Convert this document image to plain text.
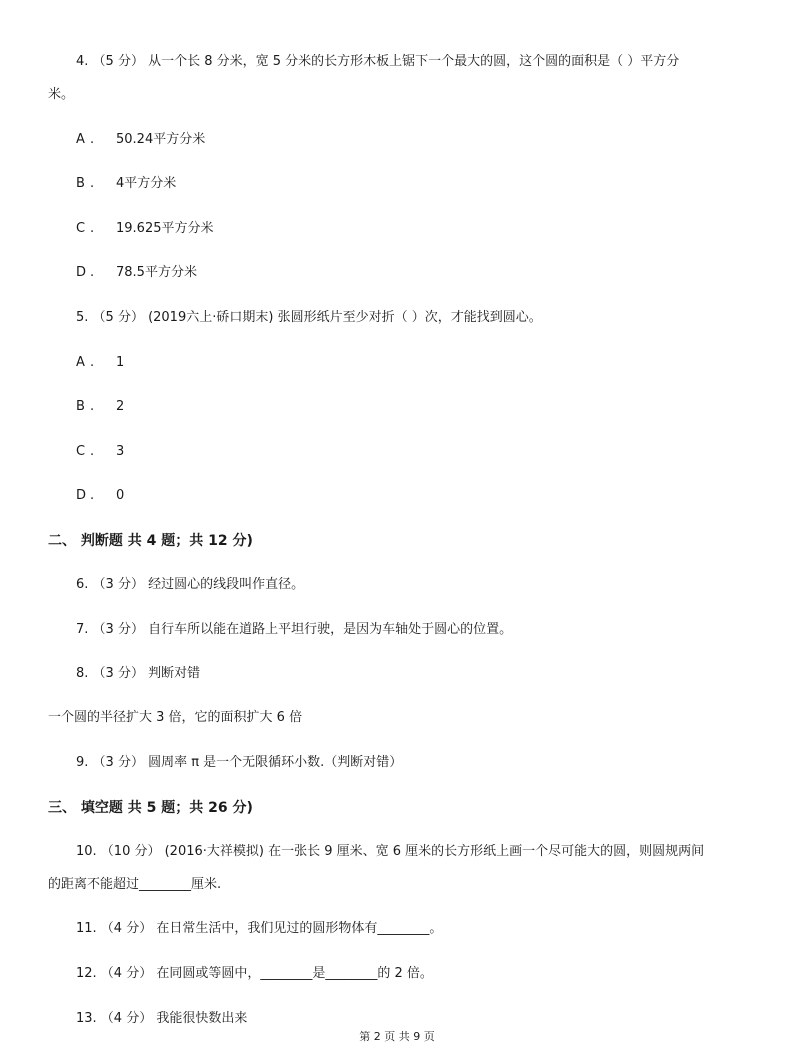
4. （5 分） 从一个长 8 分米，宽 5 分米的长方形木板上锯下一个最大的圆，这个圆的面积是（ ）平方分
米。
A . 50.24平方分米
B . 4平方分米
C . 19.625平方分米
D . 78.5平方分米
5. （5 分） (2019六上·硚口期末) 张圆形纸片至少对折（ ）次，才能找到圆心。
A . 1
B . 2
C . 3
D . 0
二、 判断题 共 4 题；共 12 分)
6. （3 分） 经过圆心的线段叫作直径。
7. （3 分） 自行车所以能在道路上平坦行驶，是因为车轴处于圆心的位置。
8. （3 分） 判断对错
一个圆的半径扩大 3 倍，它的面积扩大 6 倍
9. （3 分） 圆周率 π 是一个无限循环小数.（判断对错）
三、 填空题 共 5 题；共 26 分)
10. （10 分） (2016·大祥模拟) 在一张长 9 厘米、宽 6 厘米的长方形纸上画一个尽可能大的圆，则圆规两间
的距离不能超过________厘米.
11. （4 分） 在日常生活中，我们见过的圆形物体有________。
12. （4 分） 在同圆或等圆中，________是________的 2 倍。
13. （4 分） 我能很快数出来
第 2 页 共 9 页
